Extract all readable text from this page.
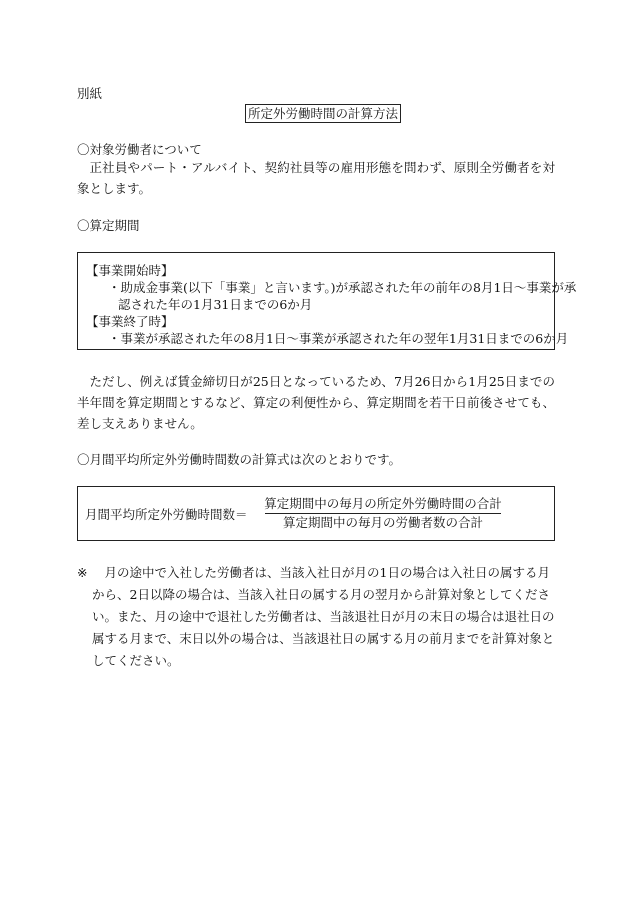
別紙
所定外労働時間の計算方法
〇対象労働者について
正社員やパート・アルバイト、契約社員等の雇用形態を問わず、原則全労働者を対象とします。
〇算定期間
【事業開始時】
・助成金事業(以下「事業」と言います。)が承認された年の前年の8月1日～事業が承
認された年の1月31日までの6か月
【事業終了時】
・事業が承認された年の8月1日～事業が承認された年の翌年1月31日までの6か月
ただし、例えば賃金締切日が25日となっているため、7月26日から1月25日までの半年間を算定期間とするなど、算定の利便性から、算定期間を若干日前後させても、差し支えありません。
〇月間平均所定外労働時間数の計算式は次のとおりです。
月間平均所定外労働時間数＝
算定期間中の毎月の所定外労働時間の合計
算定期間中の毎月の労働者数の合計
※	月の途中で入社した労働者は、当該入社日が月の1日の場合は入社日の属する月から、2日以降の場合は、当該入社日の属する月の翌月から計算対象としてください。また、月の途中で退社した労働者は、当該退社日が月の末日の場合は退社日の属する月まで、末日以外の場合は、当該退社日の属する月の前月までを計算対象としてください。
